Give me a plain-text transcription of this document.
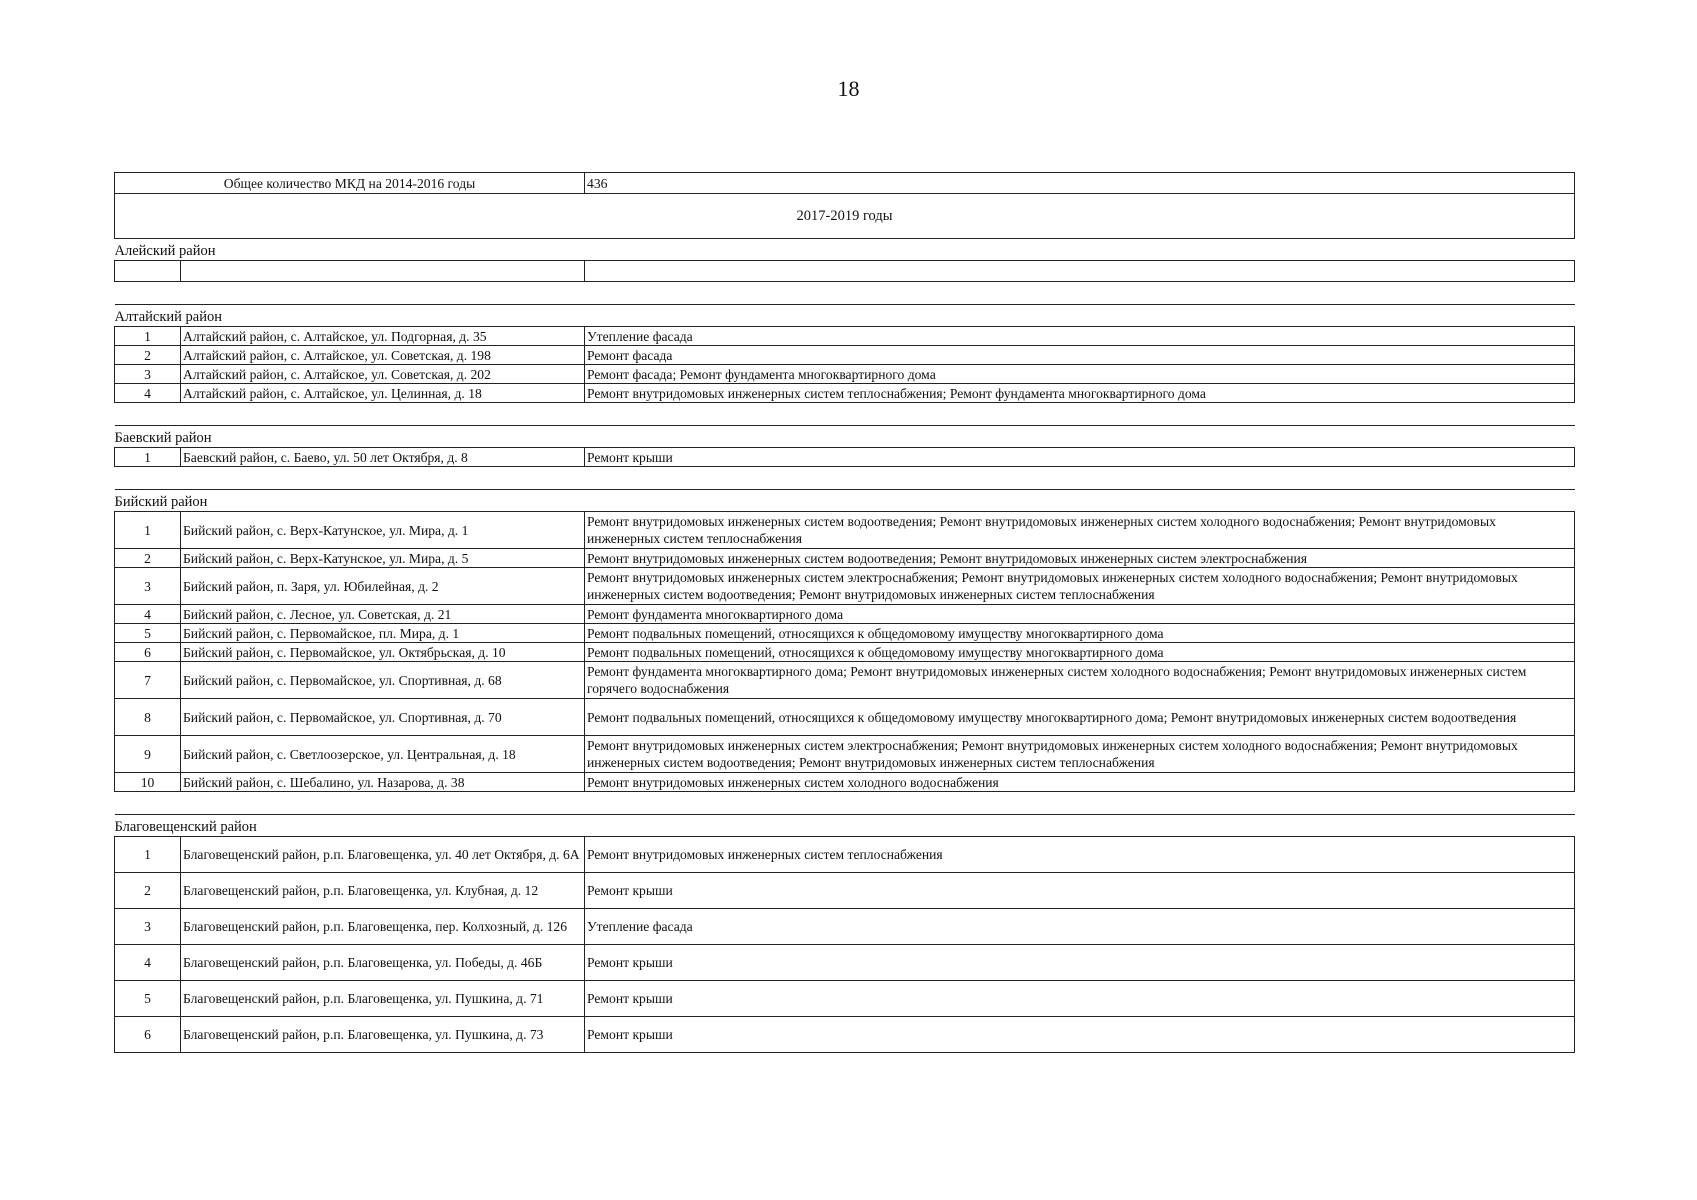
18
Общее количество МКД на 2014-2016 годы		436
2017-2019 годы		
Алейский район		

Алтайский район		
1	Алтайский район, с. Алтайское, ул. Подгорная, д. 35	Утепление фасада
2	Алтайский район, с. Алтайское, ул. Советская, д. 198	Ремонт фасада
3	Алтайский район, с. Алтайское, ул. Советская, д. 202	Ремонт фасада; Ремонт фундамента многоквартирного дома
4	Алтайский район, с. Алтайское, ул. Целинная, д. 18	Ремонт внутридомовых инженерных систем теплоснабжения; Ремонт фундамента многоквартирного дома

Баевский район		
1	Баевский район, с. Баево, ул. 50 лет Октября, д. 8	Ремонт крыши

Бийский район		
1	Бийский район, с. Верх-Катунское, ул. Мира, д. 1	Ремонт внутридомовых инженерных систем водоотведения; Ремонт внутридомовых инженерных систем холодного водоснабжения; Ремонт внутридомовых инженерных систем теплоснабжения
2	Бийский район, с. Верх-Катунское, ул. Мира, д. 5	Ремонт внутридомовых инженерных систем водоотведения; Ремонт внутридомовых инженерных систем электроснабжения
3	Бийский район, п. Заря, ул. Юбилейная, д. 2	Ремонт внутридомовых инженерных систем электроснабжения; Ремонт внутридомовых инженерных систем холодного водоснабжения; Ремонт внутридомовых инженерных систем водоотведения; Ремонт внутридомовых инженерных систем теплоснабжения
4	Бийский район, с. Лесное, ул. Советская, д. 21	Ремонт фундамента многоквартирного дома
5	Бийский район, с. Первомайское, пл. Мира, д. 1	Ремонт подвальных помещений, относящихся к общедомовому имуществу многоквартирного дома
6	Бийский район, с. Первомайское, ул. Октябрьская, д. 10	Ремонт подвальных помещений, относящихся к общедомовому имуществу многоквартирного дома
7	Бийский район, с. Первомайское, ул. Спортивная, д. 68	Ремонт фундамента многоквартирного дома; Ремонт внутридомовых инженерных систем холодного водоснабжения; Ремонт внутридомовых инженерных систем горячего водоснабжения
8	Бийский район, с. Первомайское, ул. Спортивная, д. 70	Ремонт подвальных помещений, относящихся к общедомовому имуществу многоквартирного дома; Ремонт внутридомовых инженерных систем водоотведения
9	Бийский район, с. Светлоозерское, ул. Центральная, д. 18	Ремонт внутридомовых инженерных систем электроснабжения; Ремонт внутридомовых инженерных систем холодного водоснабжения; Ремонт внутридомовых инженерных систем водоотведения; Ремонт внутридомовых инженерных систем теплоснабжения
10	Бийский район, с. Шебалино, ул. Назарова, д. 38	Ремонт внутридомовых инженерных систем холодного водоснабжения

Благовещенский район		
1	Благовещенский район, р.п. Благовещенка, ул. 40 лет Октября, д. 6А	Ремонт внутридомовых инженерных систем теплоснабжения
2	Благовещенский район, р.п. Благовещенка, ул. Клубная, д. 12	Ремонт крыши
3	Благовещенский район, р.п. Благовещенка, пер. Колхозный, д. 126	Утепление фасада
4	Благовещенский район, р.п. Благовещенка, ул. Победы, д. 46Б	Ремонт крыши
5	Благовещенский район, р.п. Благовещенка, ул. Пушкина, д. 71	Ремонт крыши
6	Благовещенский район, р.п. Благовещенка, ул. Пушкина, д. 73	Ремонт крыши
